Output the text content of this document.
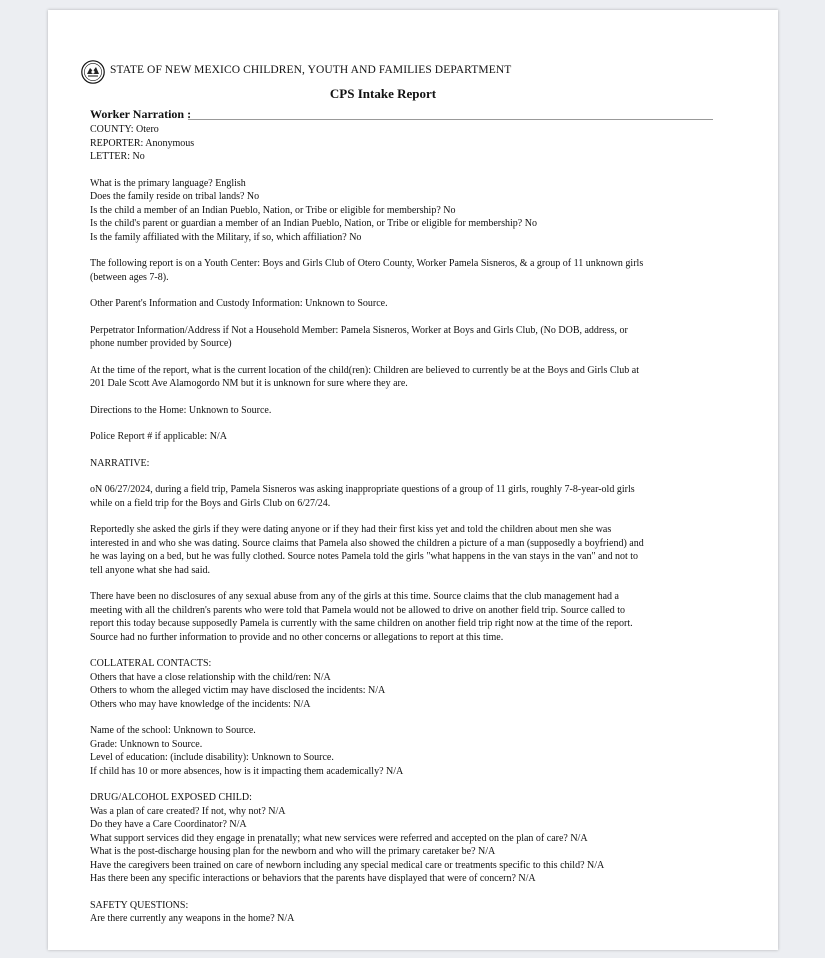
STATE OF NEW MEXICO CHILDREN, YOUTH AND FAMILIES DEPARTMENT
CPS Intake Report
Worker Narration :
COUNTY: Otero
REPORTER: Anonymous
LETTER: No
What is the primary language? English
Does the family reside on tribal lands? No
Is the child a member of an Indian Pueblo, Nation, or Tribe or eligible for membership? No
Is the child's parent or guardian a member of an Indian Pueblo, Nation, or Tribe or eligible for membership? No
Is the family affiliated with the Military, if so, which affiliation? No
The following report is on a Youth Center: Boys and Girls Club of Otero County, Worker Pamela Sisneros, & a group of 11 unknown girls
(between ages 7-8).
Other Parent's Information and Custody Information: Unknown to Source.
Perpetrator Information/Address if Not a Household Member: Pamela Sisneros, Worker at Boys and Girls Club, (No DOB, address, or
phone number provided by Source)
At the time of the report, what is the current location of the child(ren): Children are believed to currently be at the Boys and Girls Club at
201 Dale Scott Ave Alamogordo NM but it is unknown for sure where they are.
Directions to the Home: Unknown to Source.
Police Report # if applicable: N/A
NARRATIVE:
oN 06/27/2024, during a field trip, Pamela Sisneros was asking inappropriate questions of a group of 11 girls, roughly 7-8-year-old girls
while on a field trip for the Boys and Girls Club on 6/27/24.
Reportedly she asked the girls if they were dating anyone or if they had their first kiss yet and told the children about men she was
interested in and who she was dating. Source claims that Pamela also showed the children a picture of a man (supposedly a boyfriend) and
he was laying on a bed, but he was fully clothed. Source notes Pamela told the girls "what happens in the van stays in the van" and not to
tell anyone what she had said.
There have been no disclosures of any sexual abuse from any of the girls at this time. Source claims that the club management had a
meeting with all the children's parents who were told that Pamela would not be allowed to drive on another field trip. Source called to
report this today because supposedly Pamela is currently with the same children on another field trip right now at the time of the report.
Source had no further information to provide and no other concerns or allegations to report at this time.
COLLATERAL CONTACTS:
Others that have a close relationship with the child/ren: N/A
Others to whom the alleged victim may have disclosed the incidents: N/A
Others who may have knowledge of the incidents: N/A
Name of the school: Unknown to Source.
Grade: Unknown to Source.
Level of education: (include disability): Unknown to Source.
If child has 10 or more absences, how is it impacting them academically? N/A
DRUG/ALCOHOL EXPOSED CHILD:
Was a plan of care created? If not, why not? N/A
Do they have a Care Coordinator? N/A
What support services did they engage in prenatally; what new services were referred and accepted on the plan of care? N/A
What is the post-discharge housing plan for the newborn and who will the primary caretaker be? N/A
Have the caregivers been trained on care of newborn including any special medical care or treatments specific to this child? N/A
Has there been any specific interactions or behaviors that the parents have displayed that were of concern? N/A
SAFETY QUESTIONS:
Are there currently any weapons in the home? N/A
